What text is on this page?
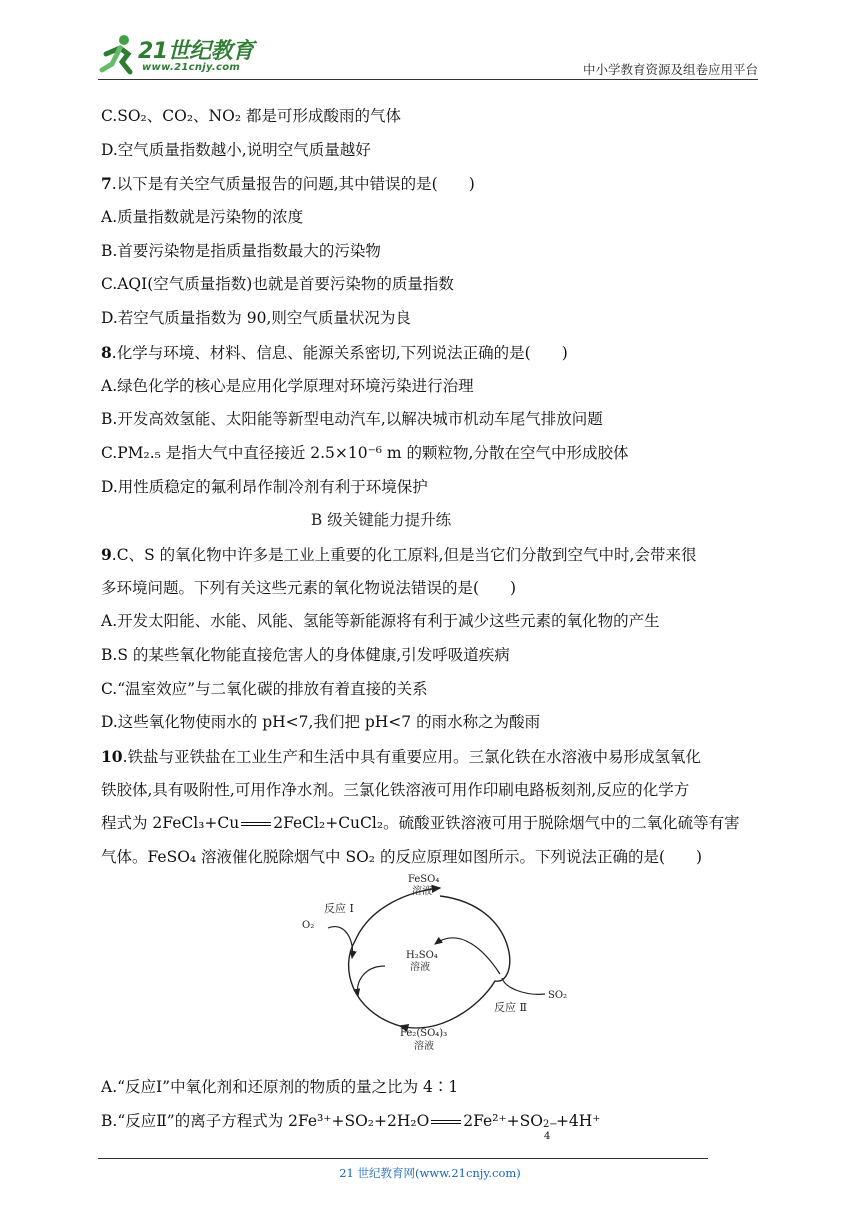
21世纪教育
www.21cnjy.com	中小学教育资源及组卷应用平台
C.SO₂、CO₂、NO₂ 都是可形成酸雨的气体
D.空气质量指数越小,说明空气质量越好
7.以下是有关空气质量报告的问题,其中错误的是(　　)
A.质量指数就是污染物的浓度
B.首要污染物是指质量指数最大的污染物
C.AQI(空气质量指数)也就是首要污染物的质量指数
D.若空气质量指数为 90,则空气质量状况为良
8.化学与环境、材料、信息、能源关系密切,下列说法正确的是(　　)
A.绿色化学的核心是应用化学原理对环境污染进行治理
B.开发高效氢能、太阳能等新型电动汽车,以解决城市机动车尾气排放问题
C.PM₂.₅ 是指大气中直径接近 2.5×10⁻⁶ m 的颗粒物,分散在空气中形成胶体
D.用性质稳定的氟利昂作制冷剂有利于环境保护
B 级关键能力提升练
9.C、S 的氧化物中许多是工业上重要的化工原料,但是当它们分散到空气中时,会带来很
多环境问题。下列有关这些元素的氧化物说法错误的是(　　)
A.开发太阳能、水能、风能、氢能等新能源将有利于减少这些元素的氧化物的产生
B.S 的某些氧化物能直接危害人的身体健康,引发呼吸道疾病
C.“温室效应”与二氧化碳的排放有着直接的关系
D.这些氧化物使雨水的 pH<7,我们把 pH<7 的雨水称之为酸雨
10.铁盐与亚铁盐在工业生产和生活中具有重要应用。三氯化铁在水溶液中易形成氢氧化
铁胶体,具有吸附性,可用作净水剂。三氯化铁溶液可用作印刷电路板刻剂,反应的化学方
程式为 2FeCl₃+Cu 2FeCl₂+CuCl₂。硫酸亚铁溶液可用于脱除烟气中的二氧化硫等有害
气体。FeSO₄ 溶液催化脱除烟气中 SO₂ 的反应原理如图所示。下列说法正确的是(　　)
A.“反应Ⅰ”中氧化剂和还原剂的物质的量之比为 4∶1
B.“反应Ⅱ”的离子方程式为 2Fe³⁺+SO₂+2H₂O 2Fe²⁺+SO 2−
4
+4H⁺
FeSO₄
溶液
反应 Ⅰ
O₂
H₂SO₄
溶液
SO₂
反应 Ⅱ
Fe₂(SO₄)₃
溶液
21 世纪教育网(www.21cnjy.com)
